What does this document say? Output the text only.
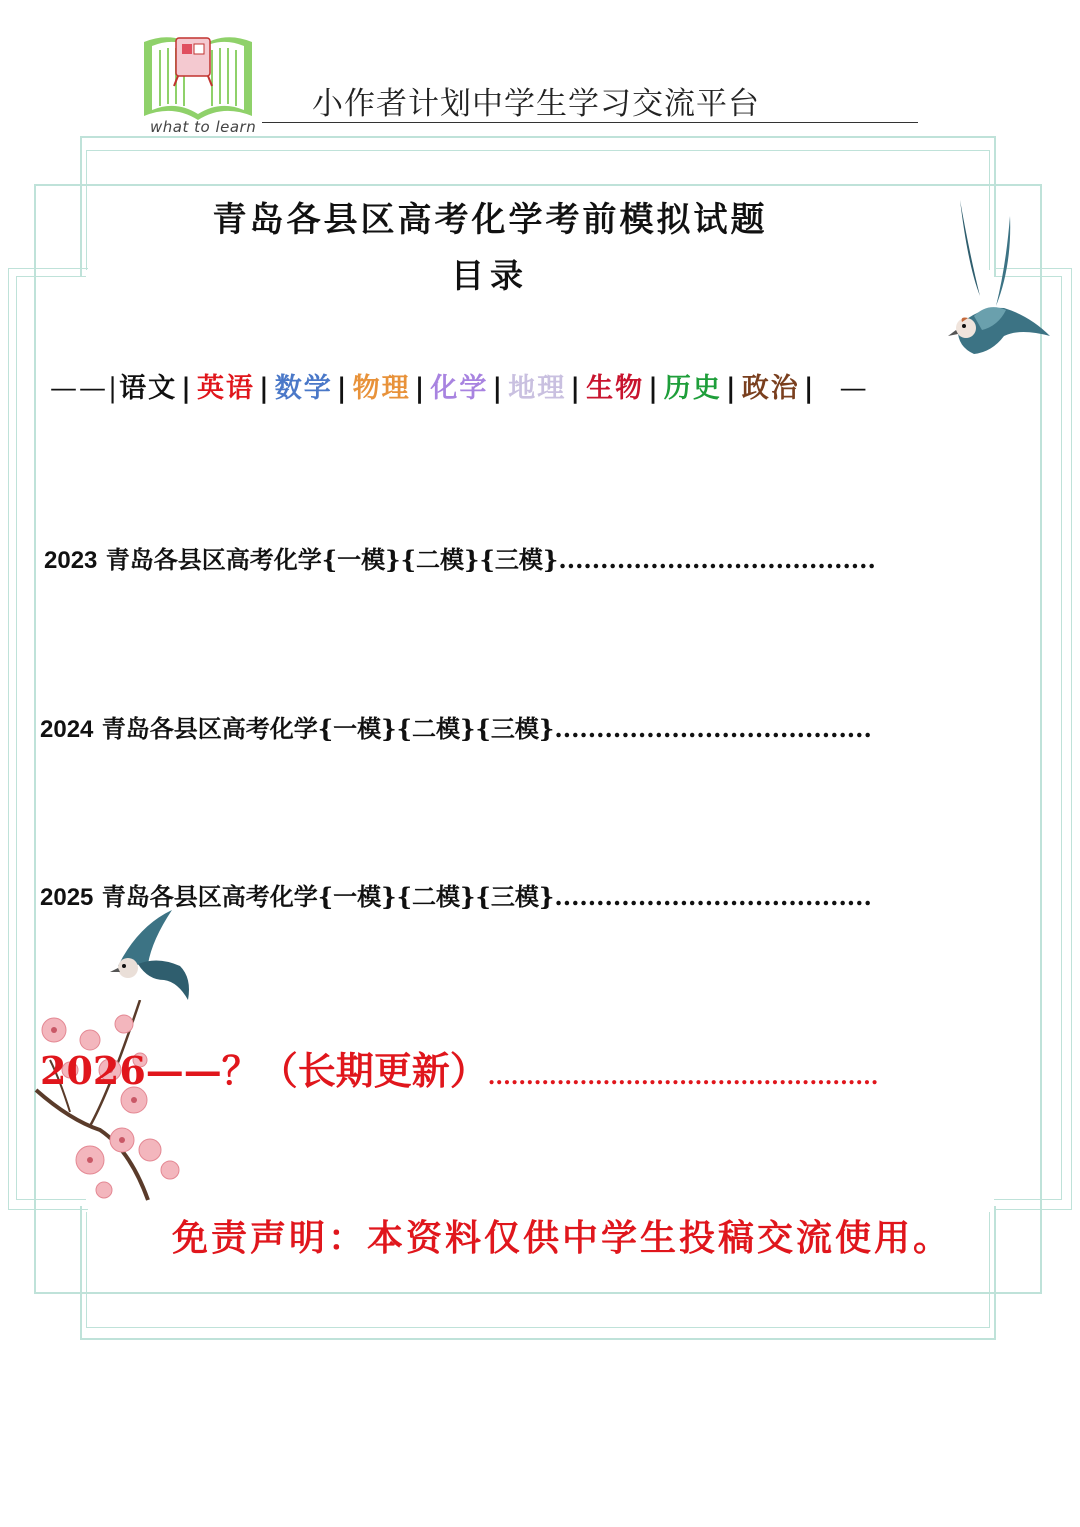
what to learn
小作者计划中学生学习交流平台
青岛各县区高考化学考前模拟试题
目录
——|语文 | 英语 | 数学 | 物理 | 化学 | 地理 | 生物 | 历史 | 政治 | —
2023 青岛各县区高考化学{一模}{二模}{三模}......................................
2024 青岛各县区高考化学{一模}{二模}{三模}......................................
2025 青岛各县区高考化学{一模}{二模}{三模}......................................
2026——？（长期更新）...................................................
免责声明：本资料仅供中学生投稿交流使用。
